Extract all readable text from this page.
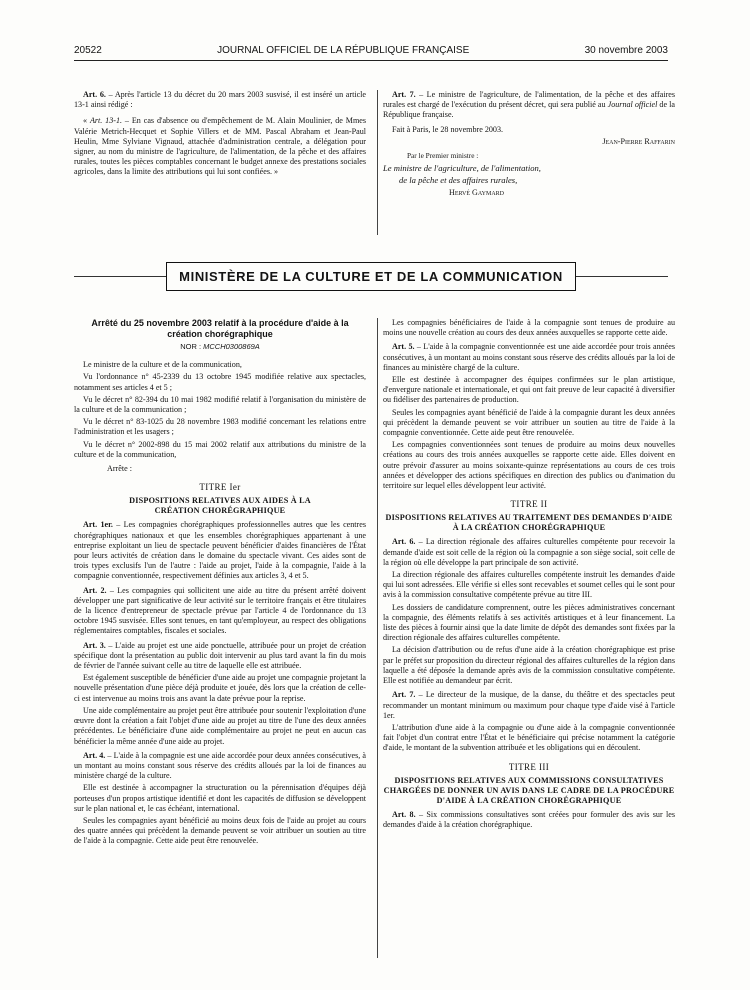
20522	JOURNAL OFFICIEL DE LA RÉPUBLIQUE FRANÇAISE	30 novembre 2003

Art. 6. – Après l'article 13 du décret du 20 mars 2003 susvisé, il est inséré un article 13-1 ainsi rédigé :

« Art. 13-1. – En cas d'absence ou d'empêchement de M. Alain Moulinier, de Mmes Valérie Metrich-Hecquet et Sophie Villers et de MM. Pascal Abraham et Jean-Paul Heulin, Mme Sylviane Vignaud, attachée d'administration centrale, a délégation pour signer, au nom du ministre de l'agriculture, de l'alimentation, de la pêche et des affaires rurales, toutes les pièces comptables concernant le budget annexe des prestations sociales agricoles, dans la limite des attributions qui lui sont confiées. »

Art. 7. – Le ministre de l'agriculture, de l'alimentation, de la pêche et des affaires rurales est chargé de l'exécution du présent décret, qui sera publié au Journal officiel de la République française.

Fait à Paris, le 28 novembre 2003.

Jean-Pierre Raffarin

Par le Premier ministre :

Le ministre de l'agriculture, de l'alimentation,

de la pêche et des affaires rurales,

Hervé Gaymard

MINISTÈRE DE LA CULTURE ET DE LA COMMUNICATION
Arrêté du 25 novembre 2003 relatif à la procédure d'aide à la création chorégraphique
NOR : MCCH0300869A

Le ministre de la culture et de la communication,

Vu l'ordonnance n° 45-2339 du 13 octobre 1945 modifiée relative aux spectacles, notamment ses articles 4 et 5 ;

Vu le décret n° 82-394 du 10 mai 1982 modifié relatif à l'organisation du ministère de la culture et de la communication ;

Vu le décret n° 83-1025 du 28 novembre 1983 modifié concernant les relations entre l'administration et les usagers ;

Vu le décret n° 2002-898 du 15 mai 2002 relatif aux attributions du ministre de la culture et de la communication,

Arrête :

TITRE Ier
DISPOSITIONS RELATIVES AUX AIDES À LA CRÉATION CHORÉGRAPHIQUE

Art. 1er. – Les compagnies chorégraphiques professionnelles autres que les centres chorégraphiques nationaux et que les ensembles chorégraphiques appartenant à une entreprise exploitant un lieu de spectacle peuvent bénéficier d'aides financières de l'État pour leurs activités de création dans le domaine du spectacle vivant. Ces aides sont de trois types exclusifs l'un de l'autre : l'aide au projet, l'aide à la compagnie, l'aide à la compagnie conventionnée, respectivement définies aux articles 3, 4 et 5.

Art. 2. – Les compagnies qui sollicitent une aide au titre du présent arrêté doivent développer une part significative de leur activité sur le territoire français et être titulaires de la licence d'entrepreneur de spectacle prévue par l'article 4 de l'ordonnance du 13 octobre 1945 susvisée. Elles sont tenues, en tant qu'employeur, au respect des obligations réglementaires comptables, fiscales et sociales.

Art. 3. – L'aide au projet est une aide ponctuelle, attribuée pour un projet de création spécifique dont la présentation au public doit intervenir au plus tard avant la fin du mois de février de l'année suivant celle au titre de laquelle elle est attribuée.

Est également susceptible de bénéficier d'une aide au projet une compagnie projetant la nouvelle présentation d'une pièce déjà produite et jouée, dès lors que la création de celle-ci est intervenue au moins trois ans avant la date prévue pour la reprise.

Une aide complémentaire au projet peut être attribuée pour soutenir l'exploitation d'une œuvre dont la création a fait l'objet d'une aide au projet au titre de l'une des deux années précédentes. Le bénéficiaire d'une aide complémentaire au projet ne peut en aucun cas bénéficier la même année d'une aide au projet.

Art. 4. – L'aide à la compagnie est une aide accordée pour deux années consécutives, à un montant au moins constant sous réserve des crédits alloués par la loi de finances au ministère chargé de la culture.

Elle est destinée à accompagner la structuration ou la pérennisation d'équipes déjà porteuses d'un propos artistique identifié et dont les capacités de diffusion se développent sur le plan national et, le cas échéant, international.

Seules les compagnies ayant bénéficié au moins deux fois de l'aide au projet au cours des quatre années qui précèdent la demande peuvent se voir attribuer un soutien au titre de l'aide à la compagnie. Cette aide peut être renouvelée.

Les compagnies bénéficiaires de l'aide à la compagnie sont tenues de produire au moins une nouvelle création au cours des deux années auxquelles se rapporte cette aide.

Art. 5. – L'aide à la compagnie conventionnée est une aide accordée pour trois années consécutives, à un montant au moins constant sous réserve des crédits alloués par la loi de finances au ministère chargé de la culture.

Elle est destinée à accompagner des équipes confirmées sur le plan artistique, d'envergure nationale et internationale, et qui ont fait preuve de leur capacité à diversifier ou fidéliser des partenaires de production.

Seules les compagnies ayant bénéficié de l'aide à la compagnie durant les deux années qui précèdent la demande peuvent se voir attribuer un soutien au titre de l'aide à la compagnie conventionnée. Cette aide peut être renouvelée.

Les compagnies conventionnées sont tenues de produire au moins deux nouvelles créations au cours des trois années auxquelles se rapporte cette aide. Elles doivent en outre prévoir d'assurer au moins soixante-quinze représentations au cours de ces trois années et développer des actions spécifiques en direction des publics ou d'animation du territoire sur lequel elles développent leur activité.

TITRE II
DISPOSITIONS RELATIVES AU TRAITEMENT DES DEMANDES D'AIDE À LA CRÉATION CHORÉGRAPHIQUE

Art. 6. – La direction régionale des affaires culturelles compétente pour recevoir la demande d'aide est soit celle de la région où la compagnie a son siège social, soit celle de la région où elle développe la part principale de son activité.

La direction régionale des affaires culturelles compétente instruit les demandes d'aide qui lui sont adressées. Elle vérifie si elles sont recevables et soumet celles qui le sont pour avis à la commission consultative compétente prévue au titre III.

Les dossiers de candidature comprennent, outre les pièces administratives concernant la compagnie, des éléments relatifs à ses activités artistiques et à leur financement. La liste des pièces à fournir ainsi que la date limite de dépôt des demandes sont fixées par la direction régionale des affaires culturelles compétente.

La décision d'attribution ou de refus d'une aide à la création chorégraphique est prise par le préfet sur proposition du directeur régional des affaires culturelles de la région dans laquelle a été déposée la demande après avis de la commission consultative compétente. Elle est notifiée au demandeur par écrit.

Art. 7. – Le directeur de la musique, de la danse, du théâtre et des spectacles peut recommander un montant minimum ou maximum pour chaque type d'aide visé à l'article 1er.

L'attribution d'une aide à la compagnie ou d'une aide à la compagnie conventionnée fait l'objet d'un contrat entre l'État et le bénéficiaire qui précise notamment la catégorie d'aide, le montant de la subvention attribuée et les obligations qui en découlent.

TITRE III
DISPOSITIONS RELATIVES AUX COMMISSIONS CONSULTATIVES CHARGÉES DE DONNER UN AVIS DANS LE CADRE DE LA PROCÉDURE D'AIDE À LA CRÉATION CHORÉGRAPHIQUE

Art. 8. – Six commissions consultatives sont créées pour formuler des avis sur les demandes d'aide à la création chorégraphique.
